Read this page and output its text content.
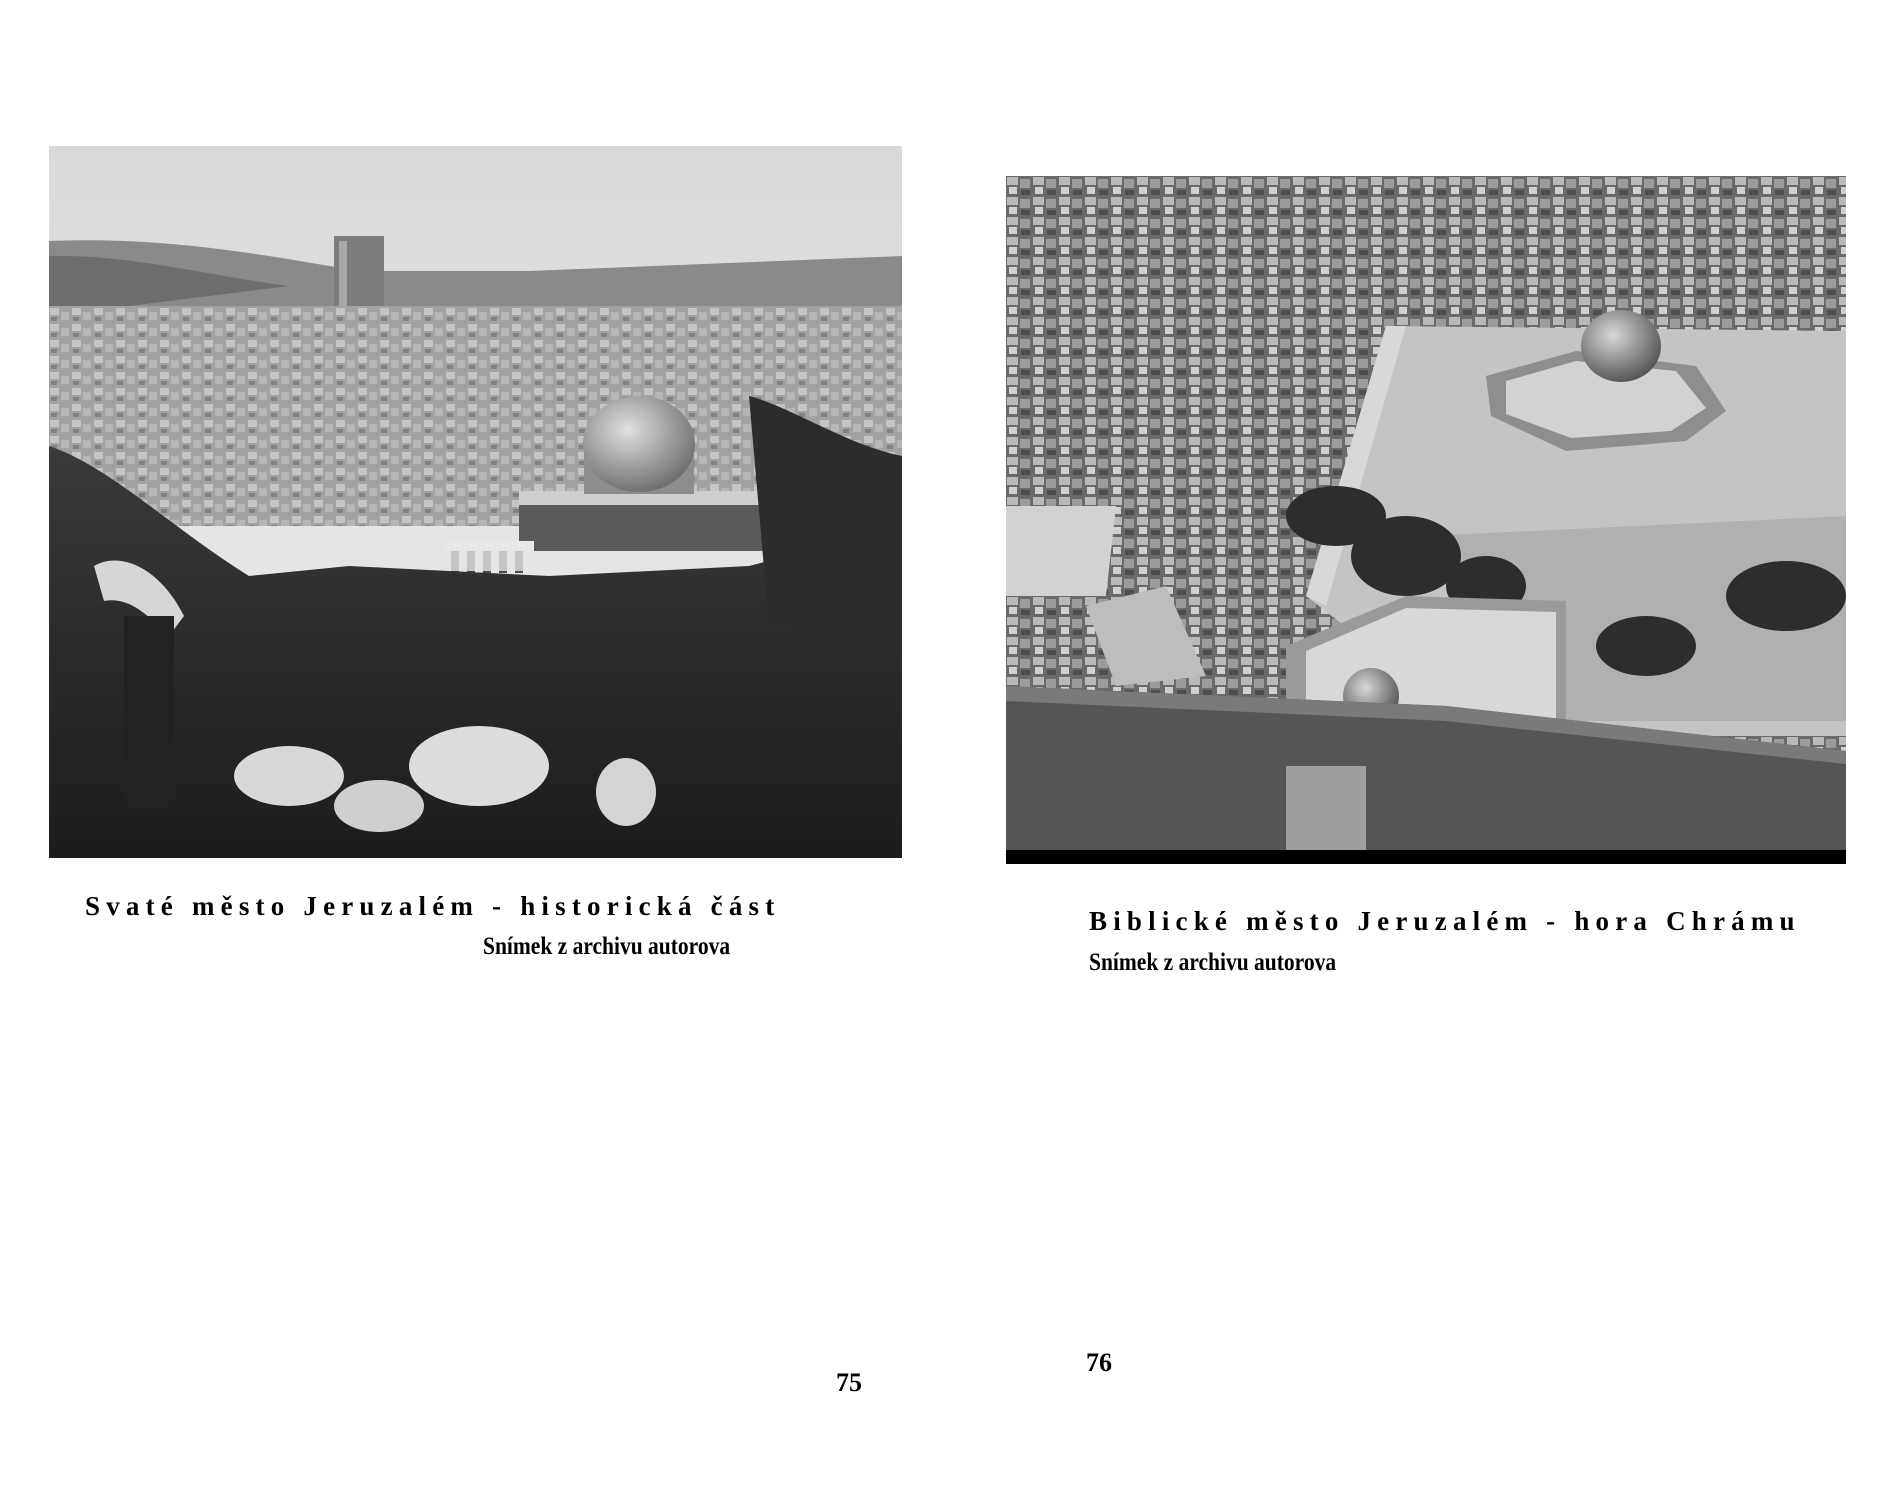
Svaté město Jeruzalém - historická část
Snímek z archivu autorova
75
Biblické město Jeruzalém - hora Chrámu
Snímek z archivu autorova
76
